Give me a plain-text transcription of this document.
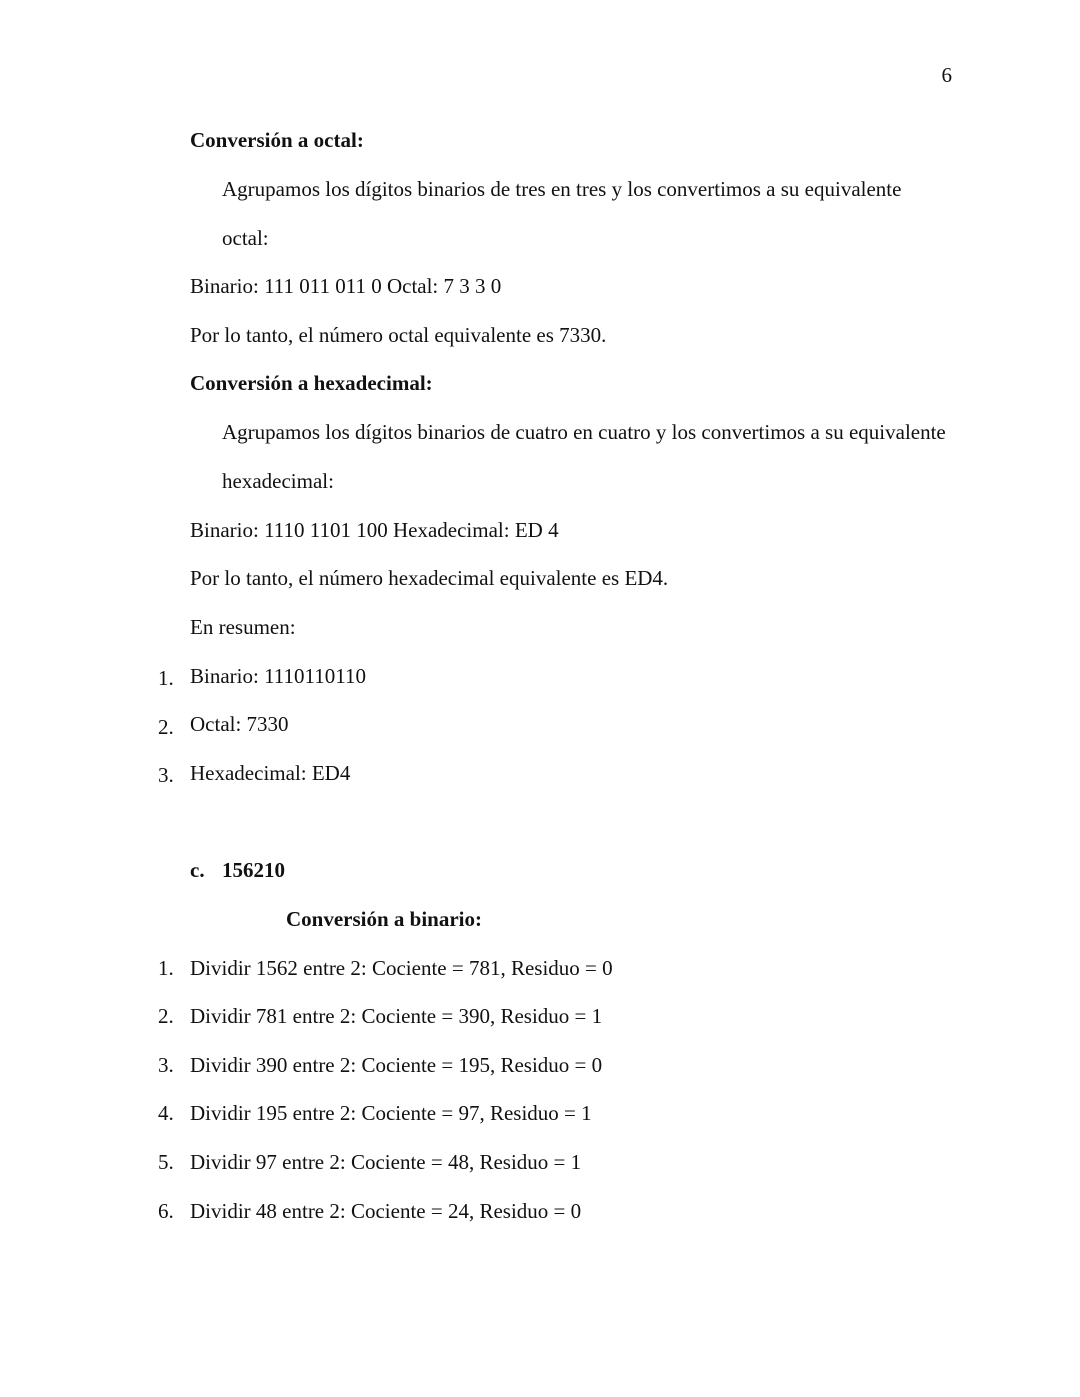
6
Conversión a octal:
Agrupamos los dígitos binarios de tres en tres y los convertimos a su equivalente
octal:
Binario: 111 011 011 0 Octal: 7 3 3 0
Por lo tanto, el número octal equivalente es 7330.
Conversión a hexadecimal:
Agrupamos los dígitos binarios de cuatro en cuatro y los convertimos a su equivalente
hexadecimal:
Binario: 1110 1101 100 Hexadecimal: ED 4
Por lo tanto, el número hexadecimal equivalente es ED4.
En resumen:
1. Binario: 1110110110
2. Octal: 7330
3. Hexadecimal: ED4
c. 156210
Conversión a binario:
1. Dividir 1562 entre 2: Cociente = 781, Residuo = 0
2. Dividir 781 entre 2: Cociente = 390, Residuo = 1
3. Dividir 390 entre 2: Cociente = 195, Residuo = 0
4. Dividir 195 entre 2: Cociente = 97, Residuo = 1
5. Dividir 97 entre 2: Cociente = 48, Residuo = 1
6. Dividir 48 entre 2: Cociente = 24, Residuo = 0
